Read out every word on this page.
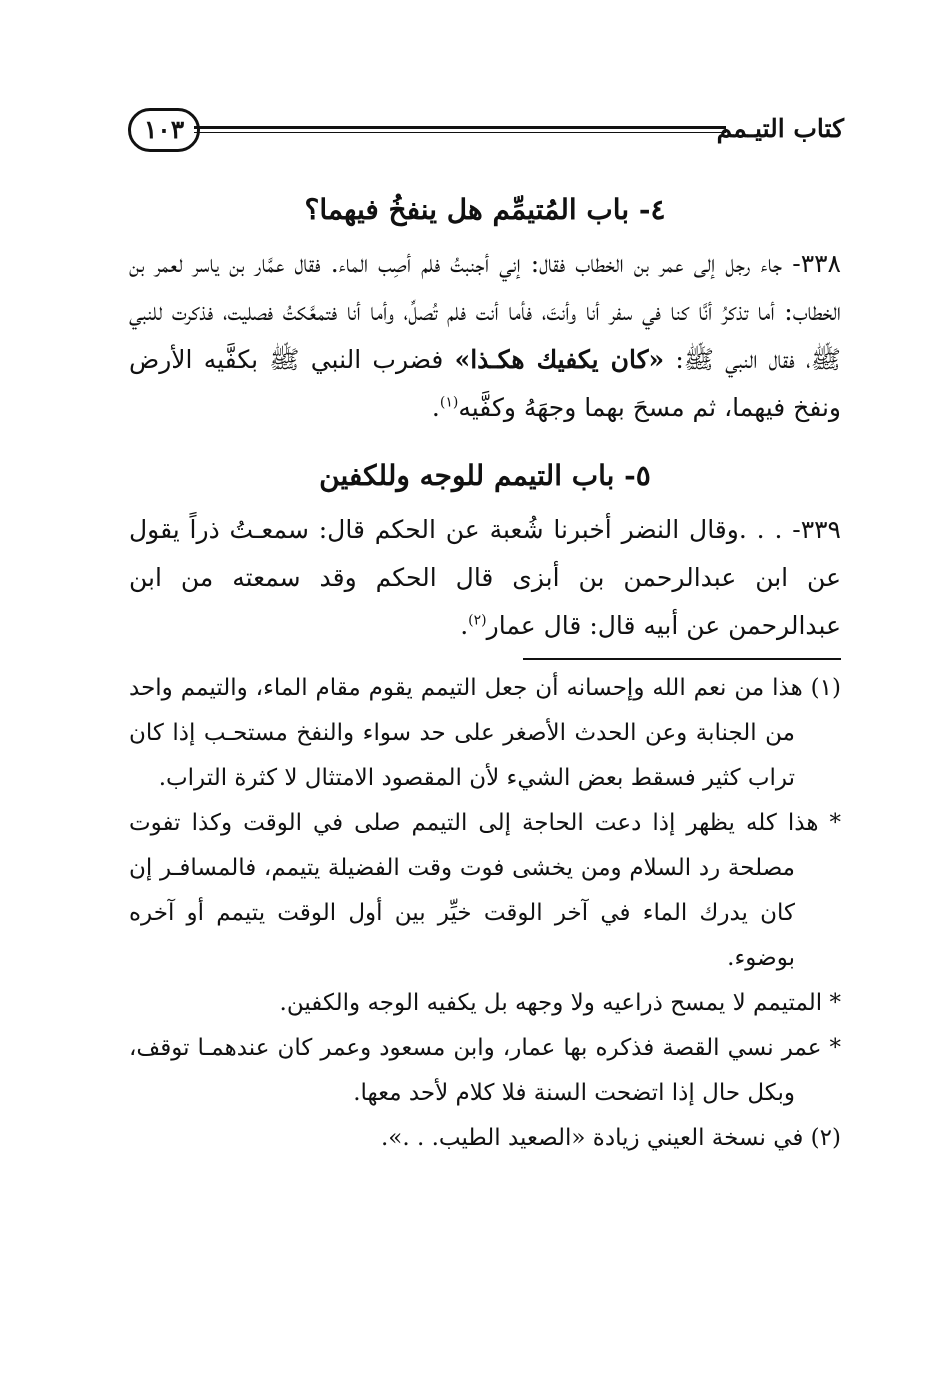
كتاب التيـمم
١٠٣
٤- باب المُتيمِّم هل ينفخُ فيهما؟

٣٣٨- جاء رجل إلى عمر بن الخطاب فقال: إني أجنبتُ فلم أصِب الماء. فقال عمَّار بن ياسر لعمر بن الخطاب: أما تذكرُ أنَّا كنا في سفر أنا وأنتَ، فأما أنت فلم تُصلِّ، وأما أنا فتمعَّكتُ فصليت، فذكرت للنبي ﷺ، فقال النبي ﷺ: «كان يكفيك هكـذا» فضرب النبي ﷺ بكفَّيه الأرض ونفخ فيهما، ثم مسحَ بهما وجهَهُ وكفَّيه$^{(١)}$.

٥- باب التيمم للوجه وللكفين

٣٣٩- . . .وقال النضر أخبرنا شُعبة عن الحكم قال: سمعـتُ ذراً يقول عن ابن عبدالرحمن بن أبزى قال الحكم وقد سمعته من ابن عبدالرحمن عن أبيه قال: قال عمار$^{(٢)}$.

(١) هذا من نعم الله وإحسانه أن جعل التيمم يقوم مقام الماء، والتيمم واحد من الجنابة وعن الحدث الأصغر على حد سواء والنفخ مستحـب إذا كان تراب كثير فسقط بعض الشيء لأن المقصود الامتثال لا كثرة التراب.

* هذا كله يظهر إذا دعت الحاجة إلى التيمم صلى في الوقت وكذا تفوت مصلحة رد السلام ومن يخشى فوت وقت الفضيلة يتيمم، فالمسافـر إن كان يدرك الماء في آخر الوقت خيِّر بين أول الوقت يتيمم أو آخره بوضوء.

* المتيمم لا يمسح ذراعيه ولا وجهه بل يكفيه الوجه والكفين.

* عمر نسي القصة فذكره بها عمار، وابن مسعود وعمر كان عندهمـا توقف، وبكل حال إذا اتضحت السنة فلا كلام لأحد معها.

(٢) في نسخة العيني زيادة «الصعيد الطيب. . .».
